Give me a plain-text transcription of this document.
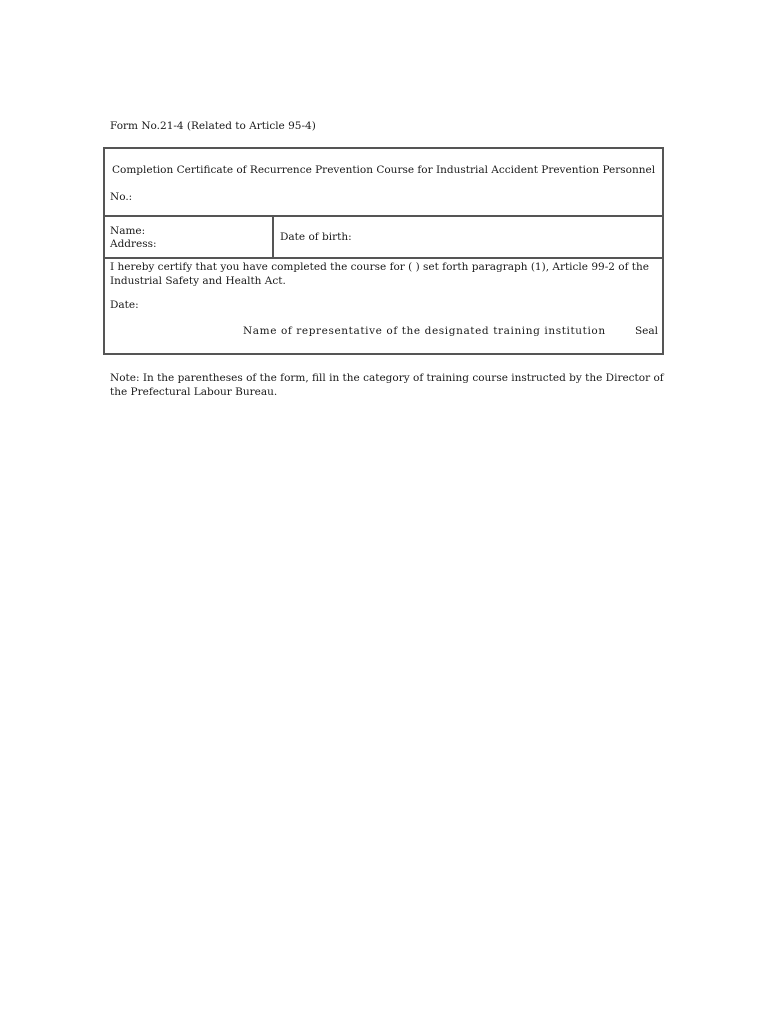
Form No.21-4 (Related to Article 95-4)
Completion Certificate of Recurrence Prevention Course for Industrial Accident Prevention Personnel
No.:
Name:
Address:
Date of birth:
I hereby certify that you have completed the course for ( ) set forth paragraph (1), Article 99-2 of the Industrial Safety and Health Act.
Date:
Name of representative of the designated training institution	Seal
Note: In the parentheses of the form, fill in the category of training course instructed by the Director of the Prefectural Labour Bureau.
